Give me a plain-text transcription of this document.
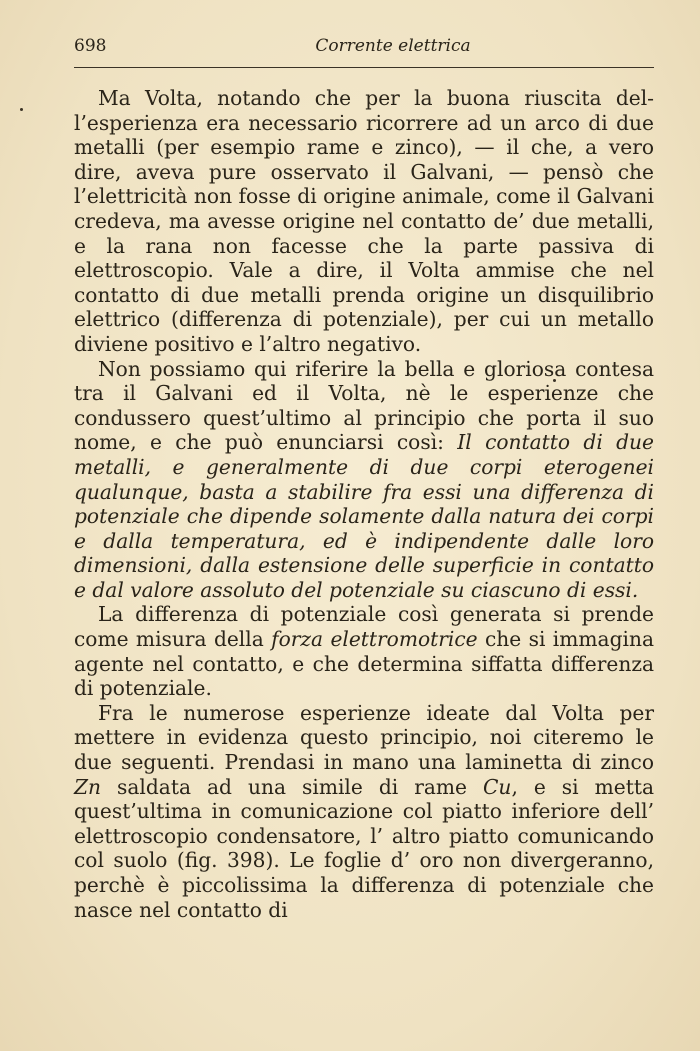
698	Corrente elettrica

Ma Volta, notando che per la buona riuscita dell’esperienza era necessario ricorrere ad un arco di due metalli (per esempio rame e zinco), — il che, a vero dire, aveva pure osservato il Galvani, — pensò che l’elettricità non fosse di origine animale, come il Galvani credeva, ma avesse origine nel contatto de’ due metalli, e la rana non facesse che la parte passiva di elettroscopio. Vale a dire, il Volta ammise che nel contatto di due metalli prenda origine un disquilibrio elettrico (differenza di potenziale), per cui un metallo diviene positivo e l’altro negativo.

Non possiamo qui riferire la bella e gloriosa contesa tra il Galvani ed il Volta, nè le esperienze che condussero quest’ultimo al principio che porta il suo nome, e che può enunciarsi così: Il contatto di due metalli, e generalmente di due corpi eterogenei qualunque, basta a stabilire fra essi una differenza di potenziale che dipende solamente dalla natura dei corpi e dalla temperatura, ed è indipendente dalle loro dimensioni, dalla estensione delle superficie in contatto e dal valore assoluto del potenziale su ciascuno di essi.

La differenza di potenziale così generata si prende come misura della forza elettromotrice che si immagina agente nel contatto, e che determina siffatta differenza di potenziale.

Fra le numerose esperienze ideate dal Volta per mettere in evidenza questo principio, noi citeremo le due seguenti. Prendasi in mano una laminetta di zinco Zn saldata ad una simile di rame Cu, e si metta quest’ultima in comunicazione col piatto inferiore dell’ elettroscopio condensatore, l’ altro piatto comunicando col suolo (fig. 398). Le foglie d’ oro non divergeranno, perchè è piccolissima la differenza di potenziale che nasce nel contatto di
